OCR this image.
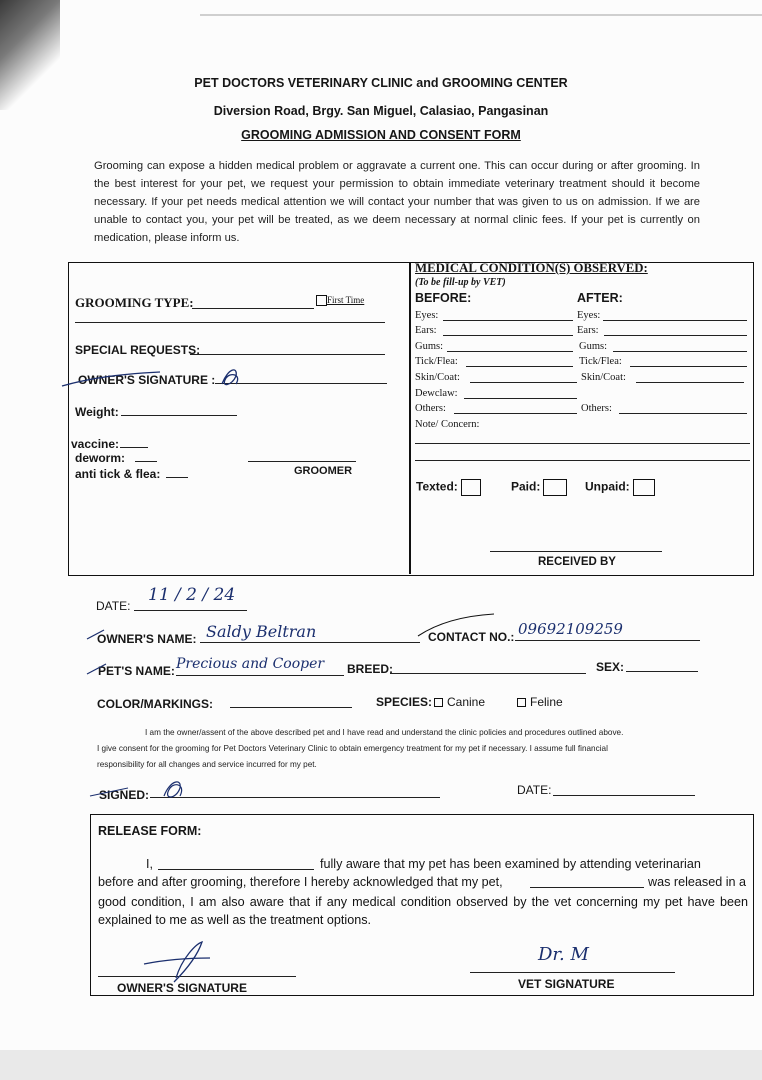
PET DOCTORS VETERINARY CLINIC and GROOMING CENTER
Diversion Road, Brgy. San Miguel, Calasiao, Pangasinan
GROOMING ADMISSION AND CONSENT FORM
Grooming can expose a hidden medical problem or aggravate a current one. This can occur during or after grooming. In the best interest for your pet, we request your permission to obtain immediate veterinary treatment should it become necessary. If your pet needs medical attention we will contact your number that was given to us on admission. If we are unable to contact you, your pet will be treated, as we deem necessary at normal clinic fees. If your pet is currently on medication, please inform us.
GROOMING TYPE:	First Time
SPECIAL REQUESTS:
OWNER'S SIGNATURE :
Weight:
vaccine:
deworm:
anti tick & flea:	GROOMER
MEDICAL CONDITION(S) OBSERVED:
(To be fill-up by VET)
BEFORE:	AFTER:
Eyes:	Eyes:
Ears:	Ears:
Gums:	Gums:
Tick/Flea:	Tick/Flea:
Skin/Coat:	Skin/Coat:
Dewclaw:
Others:	Others:
Note/ Concern:
Texted:	Paid:	Unpaid:
RECEIVED BY
DATE:
11 / 2 / 24
OWNER'S NAME: Saldy Beltran	CONTACT NO.: 09692109259
PET'S NAME: Precious and Cooper BREED:	SEX:
COLOR/MARKINGS:	SPECIES:	Canine	Feline
I am the owner/assent of the above described pet and I have read and understand the clinic policies and procedures outlined above.
I give consent for the grooming for Pet Doctors Veterinary Clinic to obtain emergency treatment for my pet if necessary. I assume full financial
responsibility for all changes and service incurred for my pet.
SIGNED:	DATE:
RELEASE FORM:
I,	fully aware that my pet has been examined by attending veterinarian
before and after grooming, therefore I hereby acknowledged that my pet,	was released in a
good condition, I am also aware that if any medical condition observed by the vet concerning my pet have been explained to me as well as the treatment options.
OWNER'S SIGNATURE
Dr. M
VET SIGNATURE
